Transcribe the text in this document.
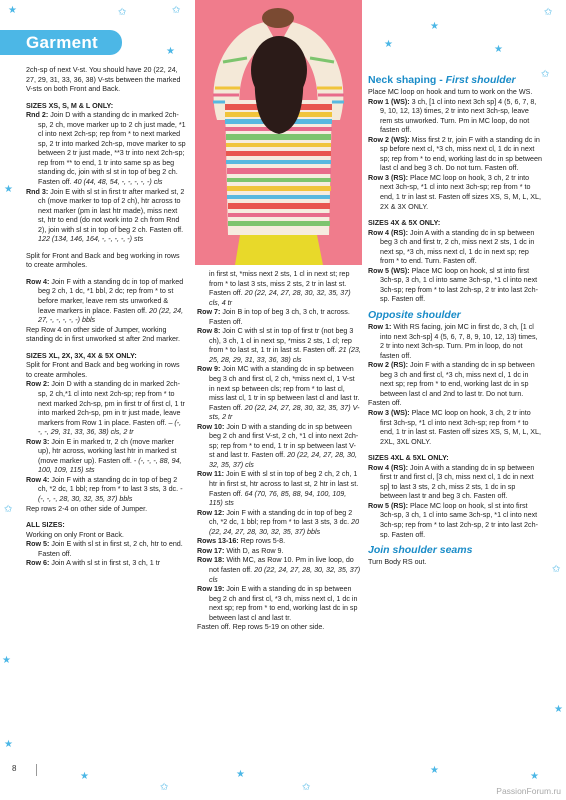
Garment
★	✩
★
✩
★
✩
★
★
✩
★
✩
★
✩
★
★
★
✩
★
✩
★
★

2ch-sp of next V-st. You should have 20 (22, 24, 27, 29, 31, 33, 36, 38) V-sts between the marked V-sts on both Front and Back.

SIZES XS, S, M & L ONLY:

Rnd 2: Join D with a standing dc in marked 2ch-sp, 2 ch, move marker up to 2 ch just made, *1 cl into next 2ch-sp; rep from * to next marked sp, 2 tr into marked 2ch-sp, move marker to sp between 2 tr just made, **3 tr into next 2ch-sp; rep from ** to end, 1 tr into same sp as beg standing dc, join with sl st in top of beg 2 ch. Fasten off. 40 (44, 48, 54, -, -, -, -, -) cls

Rnd 3: Join E with sl st in first tr after marked st, 2 ch (move marker to top of 2 ch), htr across to next marker (pm in last htr made), miss next st, htr to end (do not work into 2 ch from Rnd 2), join with sl st in top of beg 2 ch. Fasten off. 122 (134, 146, 164, -, -, -, -, -) sts

Split for Front and Back and beg working in rows to create armholes.

Row 4: Join F with a standing dc in top of marked beg 2 ch, 1 dc, *1 bbl, 2 dc; rep from * to st before marker, leave rem sts unworked & leave markers in place. Fasten off. 20 (22, 24, 27, -, -, -, -, -) bbls

Rep Row 4 on other side of Jumper, working standing dc in first unworked st after 2nd marker.

SIZES XL, 2X, 3X, 4X & 5X ONLY:

Split for Front and Back and beg working in rows to create armholes.

Row 2: Join D with a standing dc in marked 2ch-sp, 2 ch,*1 cl into next 2ch-sp; rep from * to next marked 2ch-sp, pm in first tr of first cl, 1 tr into marked 2ch-sp, pm in tr just made, leave markers from Row 1 in place. Fasten off. – (-, -, -, 29, 31, 33, 36, 38) cls, 2 tr

Row 3: Join E in marked tr, 2 ch (move marker up), htr across, working last htr in marked st (move marker up). Fasten off. - (-, -, -, 88, 94, 100, 109, 115) sts

Row 4: Join F with a standing dc in top of beg 2 ch, *2 dc, 1 bbl; rep from * to last 3 sts, 3 dc. - (-, -, -, 28, 30, 32, 35, 37) bbls

Rep rows 2-4 on other side of Jumper.

ALL SIZES:

Working on only Front or Back.

Row 5: Join E with sl st in first st, 2 ch, htr to end. Fasten off.

Row 6: Join A with sl st in first st, 3 ch, 1 tr

in first st, *miss next 2 sts, 1 cl in next st; rep from * to last 3 sts, miss 2 sts, 2 tr in last st. Fasten off. 20 (22, 24, 27, 28, 30, 32, 35, 37) cls, 4 tr

Row 7: Join B in top of beg 3 ch, 3 ch, tr across. Fasten off.

Row 8: Join C with sl st in top of first tr (not beg 3 ch), 3 ch, 1 cl in next sp, *miss 2 sts, 1 cl; rep from * to last st, 1 tr in last st. Fasten off. 21 (23, 25, 28, 29, 31, 33, 36, 38) cls

Row 9: Join MC with a standing dc in sp between beg 3 ch and first cl, 2 ch, *miss next cl, 1 V-st in next sp between cls; rep from * to last cl, miss last cl, 1 tr in sp between last cl and last tr. Fasten off. 20 (22, 24, 27, 28, 30, 32, 35, 37) V-sts, 2 tr

Row 10: Join D with a standing dc in sp between beg 2 ch and first V-st, 2 ch, *1 cl into next 2ch-sp; rep from * to end, 1 tr in sp between last V-st and last tr. Fasten off. 20 (22, 24, 27, 28, 30, 32, 35, 37) cls

Row 11: Join E with sl st in top of beg 2 ch, 2 ch, 1 htr in first st, htr across to last st, 2 htr in last st. Fasten off. 64 (70, 76, 85, 88, 94, 100, 109, 115) sts

Row 12: Join F with a standing dc in top of beg 2 ch, *2 dc, 1 bbl; rep from * to last 3 sts, 3 dc. 20 (22, 24, 27, 28, 30, 32, 35, 37) bbls

Rows 13-16: Rep rows 5-8.

Row 17: With D, as Row 9.

Row 18: With MC, as Row 10. Pm in live loop, do not fasten off. 20 (22, 24, 27, 28, 30, 32, 35, 37) cls

Row 19: Join E with a standing dc in sp between beg 2 ch and first cl, *3 ch, miss next cl, 1 dc in next sp; rep from * to end, working last dc in sp between last cl and last tr.

Fasten off. Rep rows 5-19 on other side.

Neck shaping - First shoulder

Place MC loop on hook and turn to work on the WS.

Row 1 (WS): 3 ch, [1 cl into next 3ch sp] 4 (5, 6, 7, 8, 9, 10, 12, 13) times, 2 tr into next 3ch-sp, leave rem sts unworked. Turn. Pm in MC loop, do not fasten off.

Row 2 (WS): Miss first 2 tr, join F with a standing dc in sp before next cl, *3 ch, miss next cl, 1 dc in next sp; rep from * to end, working last dc in sp between last cl and beg 3 ch. Do not turn. Fasten off.

Row 3 (RS): Place MC loop on hook, 3 ch, 2 tr into next 3ch-sp, *1 cl into next 3ch-sp; rep from * to end, 1 tr in last st. Fasten off sizes XS, S, M, L, XL, 2X & 3X ONLY.

SIZES 4X & 5X ONLY:

Row 4 (RS): Join A with a standing dc in sp between beg 3 ch and first tr, 2 ch, miss next 2 sts, 1 dc in next sp, *3 ch, miss next cl, 1 dc in next sp; rep from * to end. Turn. Fasten off.

Row 5 (WS): Place MC loop on hook, sl st into first 3ch-sp, 3 ch, 1 cl into same 3ch-sp, *1 cl into next 3ch-sp; rep from * to last 2ch-sp, 2 tr into last 2ch-sp. Fasten off.

Opposite shoulder

Row 1: With RS facing, join MC in first dc, 3 ch, [1 cl into next 3ch-sp] 4 (5, 6, 7, 8, 9, 10, 12, 13) times, 2 tr into next 3ch-sp. Turn. Pm in loop, do not fasten off.

Row 2 (RS): Join F with a standing dc in sp between beg 3 ch and first cl, *3 ch, miss next cl, 1 dc in next sp; rep from * to end, working last dc in sp between last cl and 2nd to last tr. Do not turn.

Fasten off.

Row 3 (WS): Place MC loop on hook, 3 ch, 2 tr into first 3ch-sp, *1 cl into next 3ch-sp; rep from * to end, 1 tr in last st. Fasten off sizes XS, S, M, L, XL, 2XL, 3XL ONLY.

SIZES 4XL & 5XL ONLY:

Row 4 (RS): Join A with a standing dc in sp between first tr and first cl, [3 ch, miss next cl, 1 dc in next sp] to last 3 sts, 2 ch, miss 2 sts, 1 dc in sp between last tr and beg 3 ch. Fasten off.

Row 5 (RS): Place MC loop on hook, sl st into first 3ch-sp, 3 ch, 1 cl into same 3ch-sp, *1 cl into next 3ch-sp; rep from * to last 2ch-sp, 2 tr into last 2ch-sp. Fasten off.

Join shoulder seams

Turn Body RS out.

8
PassionForum.ru
